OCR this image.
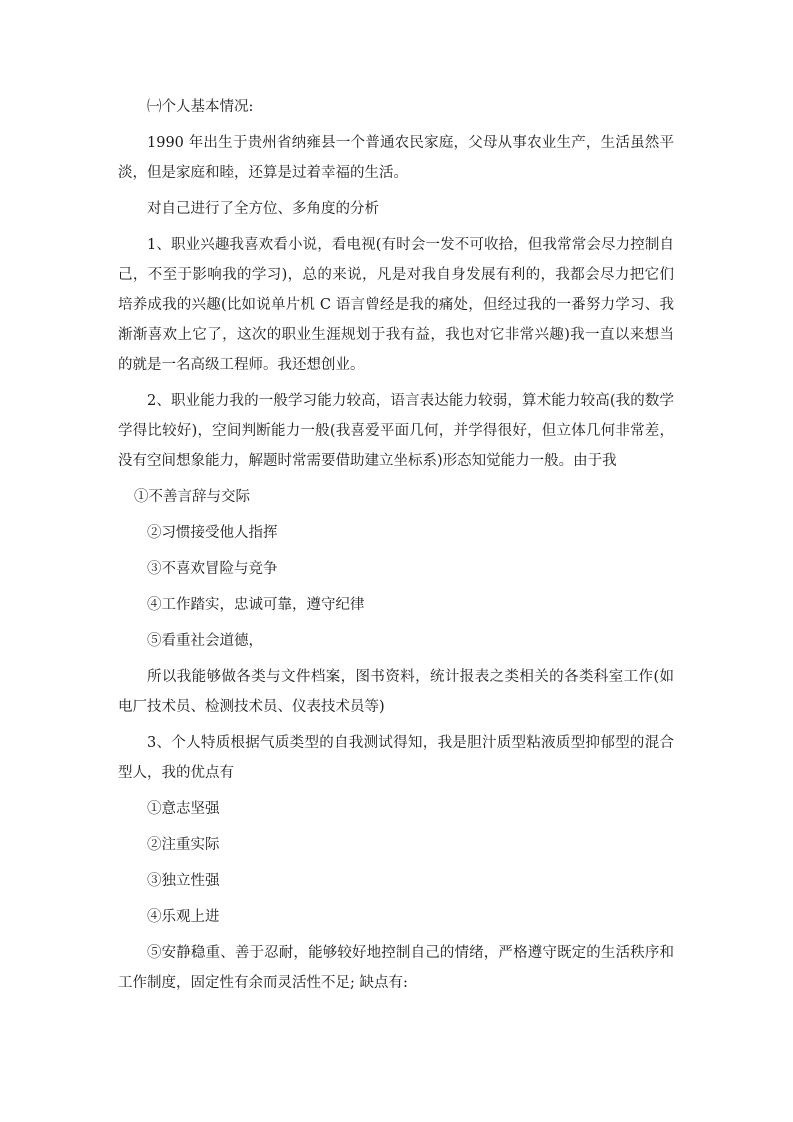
㈠个人基本情况:

1990 年出生于贵州省纳雍县一个普通农民家庭，父母从事农业生产，生活虽然平淡，但是家庭和睦，还算是过着幸福的生活。

对自己进行了全方位、多角度的分析

1、职业兴趣我喜欢看小说，看电视(有时会一发不可收拾，但我常常会尽力控制自己，不至于影响我的学习)，总的来说，凡是对我自身发展有利的，我都会尽力把它们培养成我的兴趣(比如说单片机 C 语言曾经是我的痛处，但经过我的一番努力学习、我渐渐喜欢上它了，这次的职业生涯规划于我有益，我也对它非常兴趣)我一直以来想当的就是一名高级工程师。我还想创业。

2、职业能力我的一般学习能力较高，语言表达能力较弱，算术能力较高(我的数学学得比较好)，空间判断能力一般(我喜爱平面几何，并学得很好，但立体几何非常差，没有空间想象能力，解题时常需要借助建立坐标系)形态知觉能力一般。由于我

①不善言辞与交际

②习惯接受他人指挥

③不喜欢冒险与竞争

④工作踏实，忠诚可靠，遵守纪律

⑤看重社会道德，

所以我能够做各类与文件档案，图书资料，统计报表之类相关的各类科室工作(如电厂技术员、检测技术员、仪表技术员等)

3、个人特质根据气质类型的自我测试得知，我是胆汁质型粘液质型抑郁型的混合型人，我的优点有

①意志坚强

②注重实际

③独立性强

④乐观上进

⑤安静稳重、善于忍耐，能够较好地控制自己的情绪，严格遵守既定的生活秩序和工作制度，固定性有余而灵活性不足; 缺点有:
